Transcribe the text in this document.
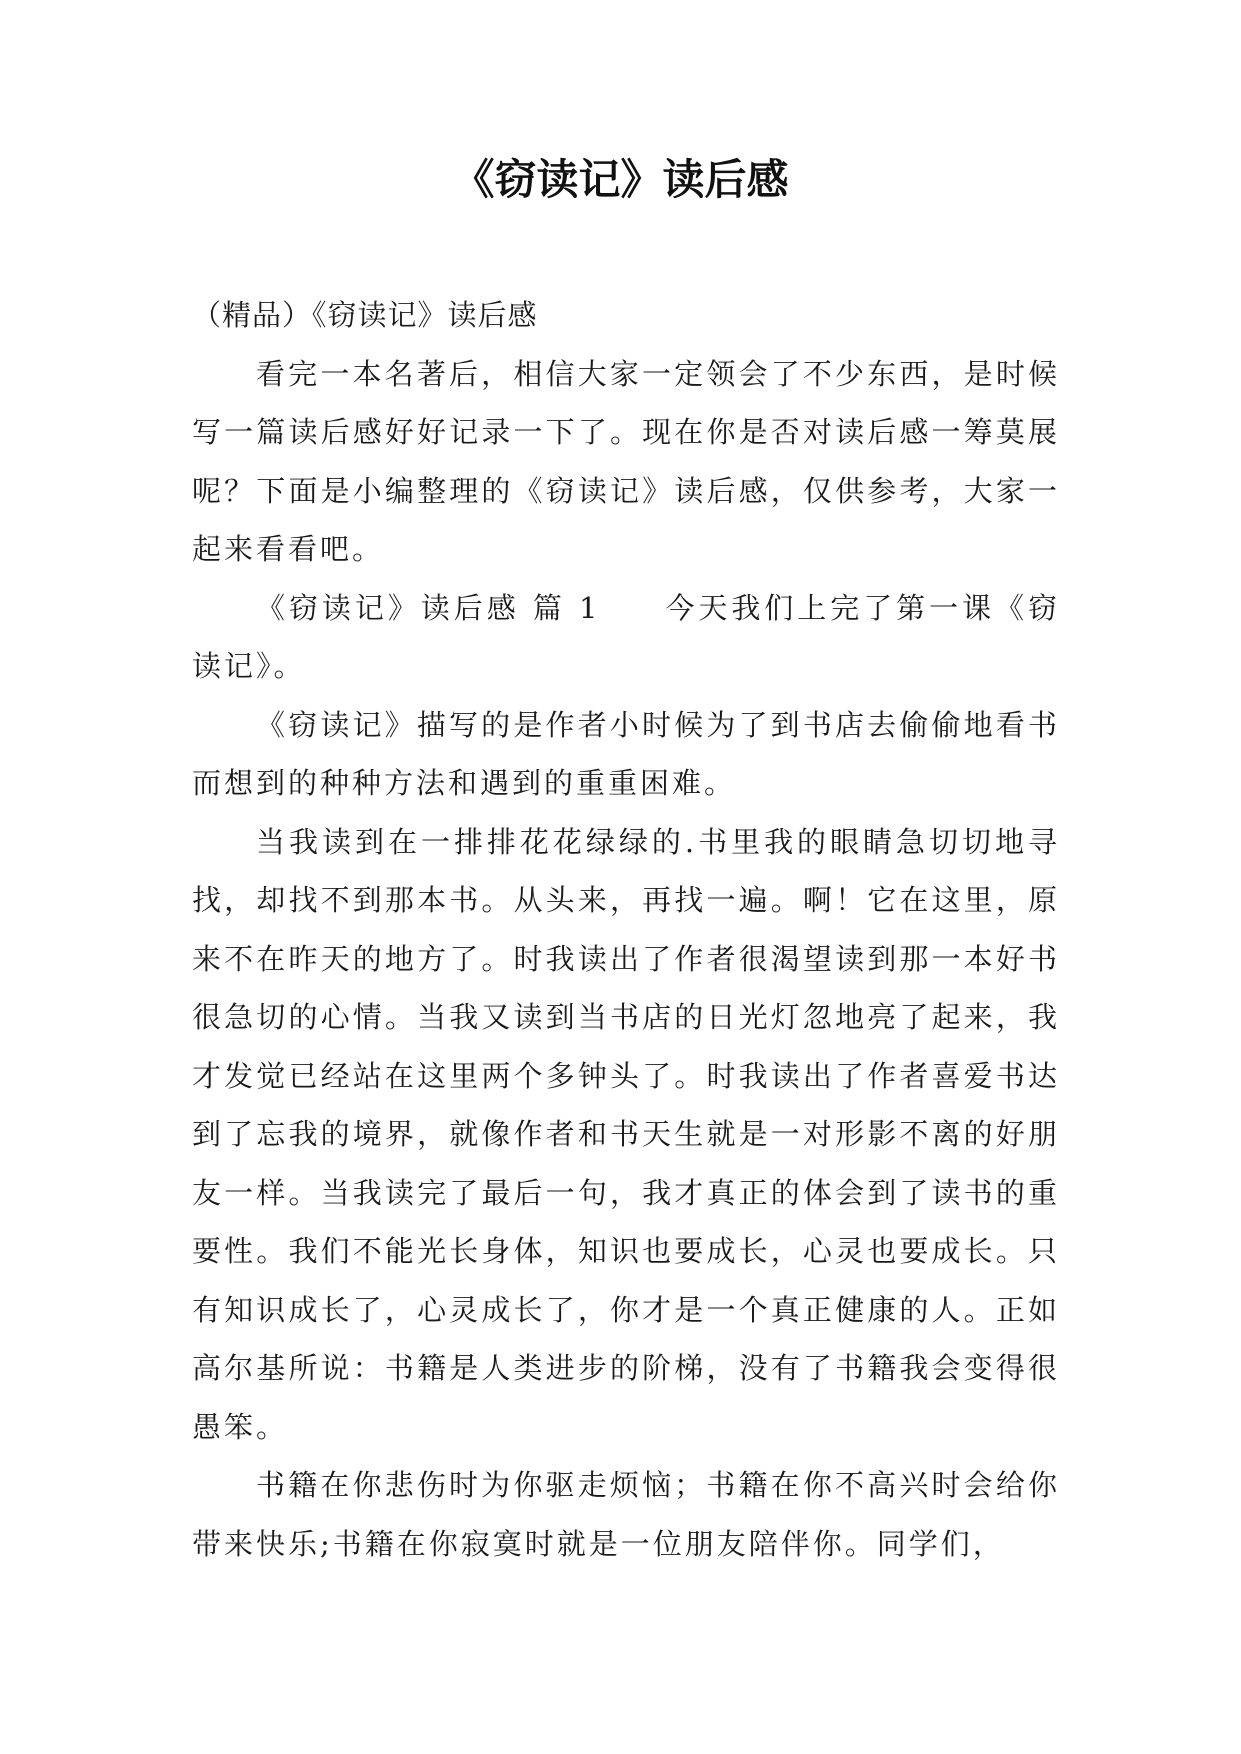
《窃读记》读后感

（精品）《窃读记》读后感

看完一本名著后，相信大家一定领会了不少东西，是时候写一篇读后感好好记录一下了。现在你是否对读后感一筹莫展呢？下面是小编整理的《窃读记》读后感，仅供参考，大家一起来看看吧。

《窃读记》读后感 篇 1 今天我们上完了第一课《窃读记》。

《窃读记》描写的是作者小时候为了到书店去偷偷地看书而想到的种种方法和遇到的重重困难。

当我读到在一排排花花绿绿的.书里我的眼睛急切切地寻找，却找不到那本书。从头来，再找一遍。啊！它在这里，原来不在昨天的地方了。时我读出了作者很渴望读到那一本好书很急切的心情。当我又读到当书店的日光灯忽地亮了起来，我才发觉已经站在这里两个多钟头了。时我读出了作者喜爱书达到了忘我的境界，就像作者和书天生就是一对形影不离的好朋友一样。当我读完了最后一句，我才真正的体会到了读书的重要性。我们不能光长身体，知识也要成长，心灵也要成长。只有知识成长了，心灵成长了，你才是一个真正健康的人。正如高尔基所说：书籍是人类进步的阶梯，没有了书籍我会变得很愚笨。

书籍在你悲伤时为你驱走烦恼；书籍在你不高兴时会给你带来快乐;书籍在你寂寞时就是一位朋友陪伴你。同学们，
